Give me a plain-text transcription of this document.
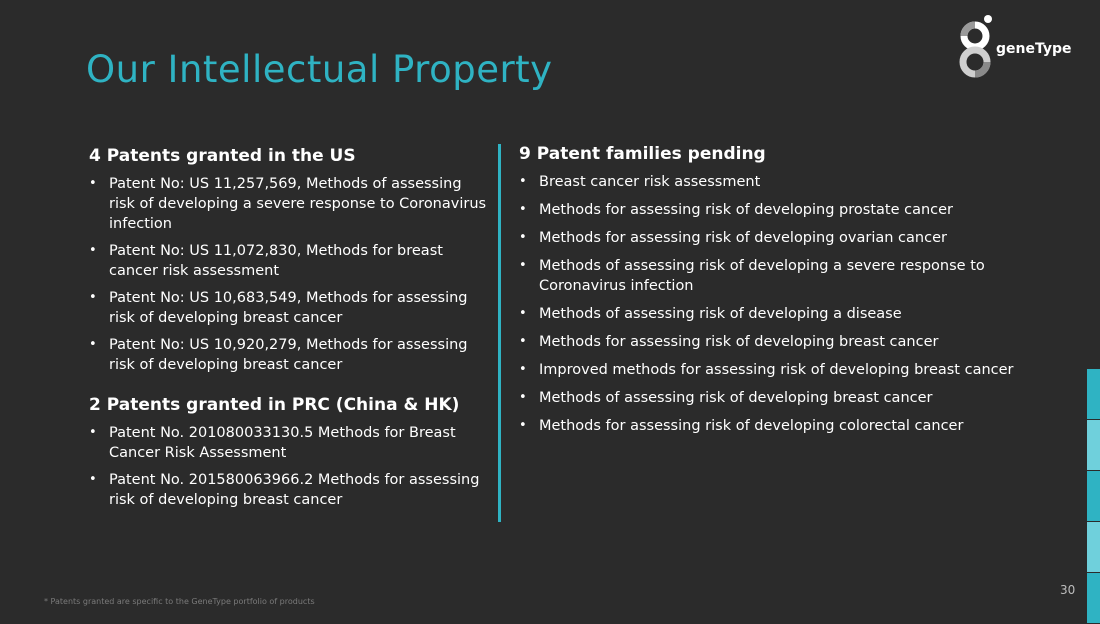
Our Intellectual Property	geneType
4 Patents granted in the US
• Patent No: US 11,257,569, Methods of assessing risk of developing a severe response to Coronavirus infection
• Patent No: US 11,072,830, Methods for breast cancer risk assessment
• Patent No: US 10,683,549, Methods for assessing risk of developing breast cancer
• Patent No: US 10,920,279, Methods for assessing risk of developing breast cancer
2 Patents granted in PRC (China & HK)
• Patent No. 201080033130.5 Methods for Breast Cancer Risk Assessment
• Patent No. 201580063966.2 Methods for assessing risk of developing breast cancer
9 Patent families pending
• Breast cancer risk assessment
• Methods for assessing risk of developing prostate cancer
• Methods for assessing risk of developing ovarian cancer
• Methods of assessing risk of developing a severe response to Coronavirus infection
• Methods of assessing risk of developing a disease
• Methods for assessing risk of developing breast cancer
• Improved methods for assessing risk of developing breast cancer
• Methods of assessing risk of developing breast cancer
• Methods for assessing risk of developing colorectal cancer
* Patents granted are specific to the GeneType portfolio of products
30
